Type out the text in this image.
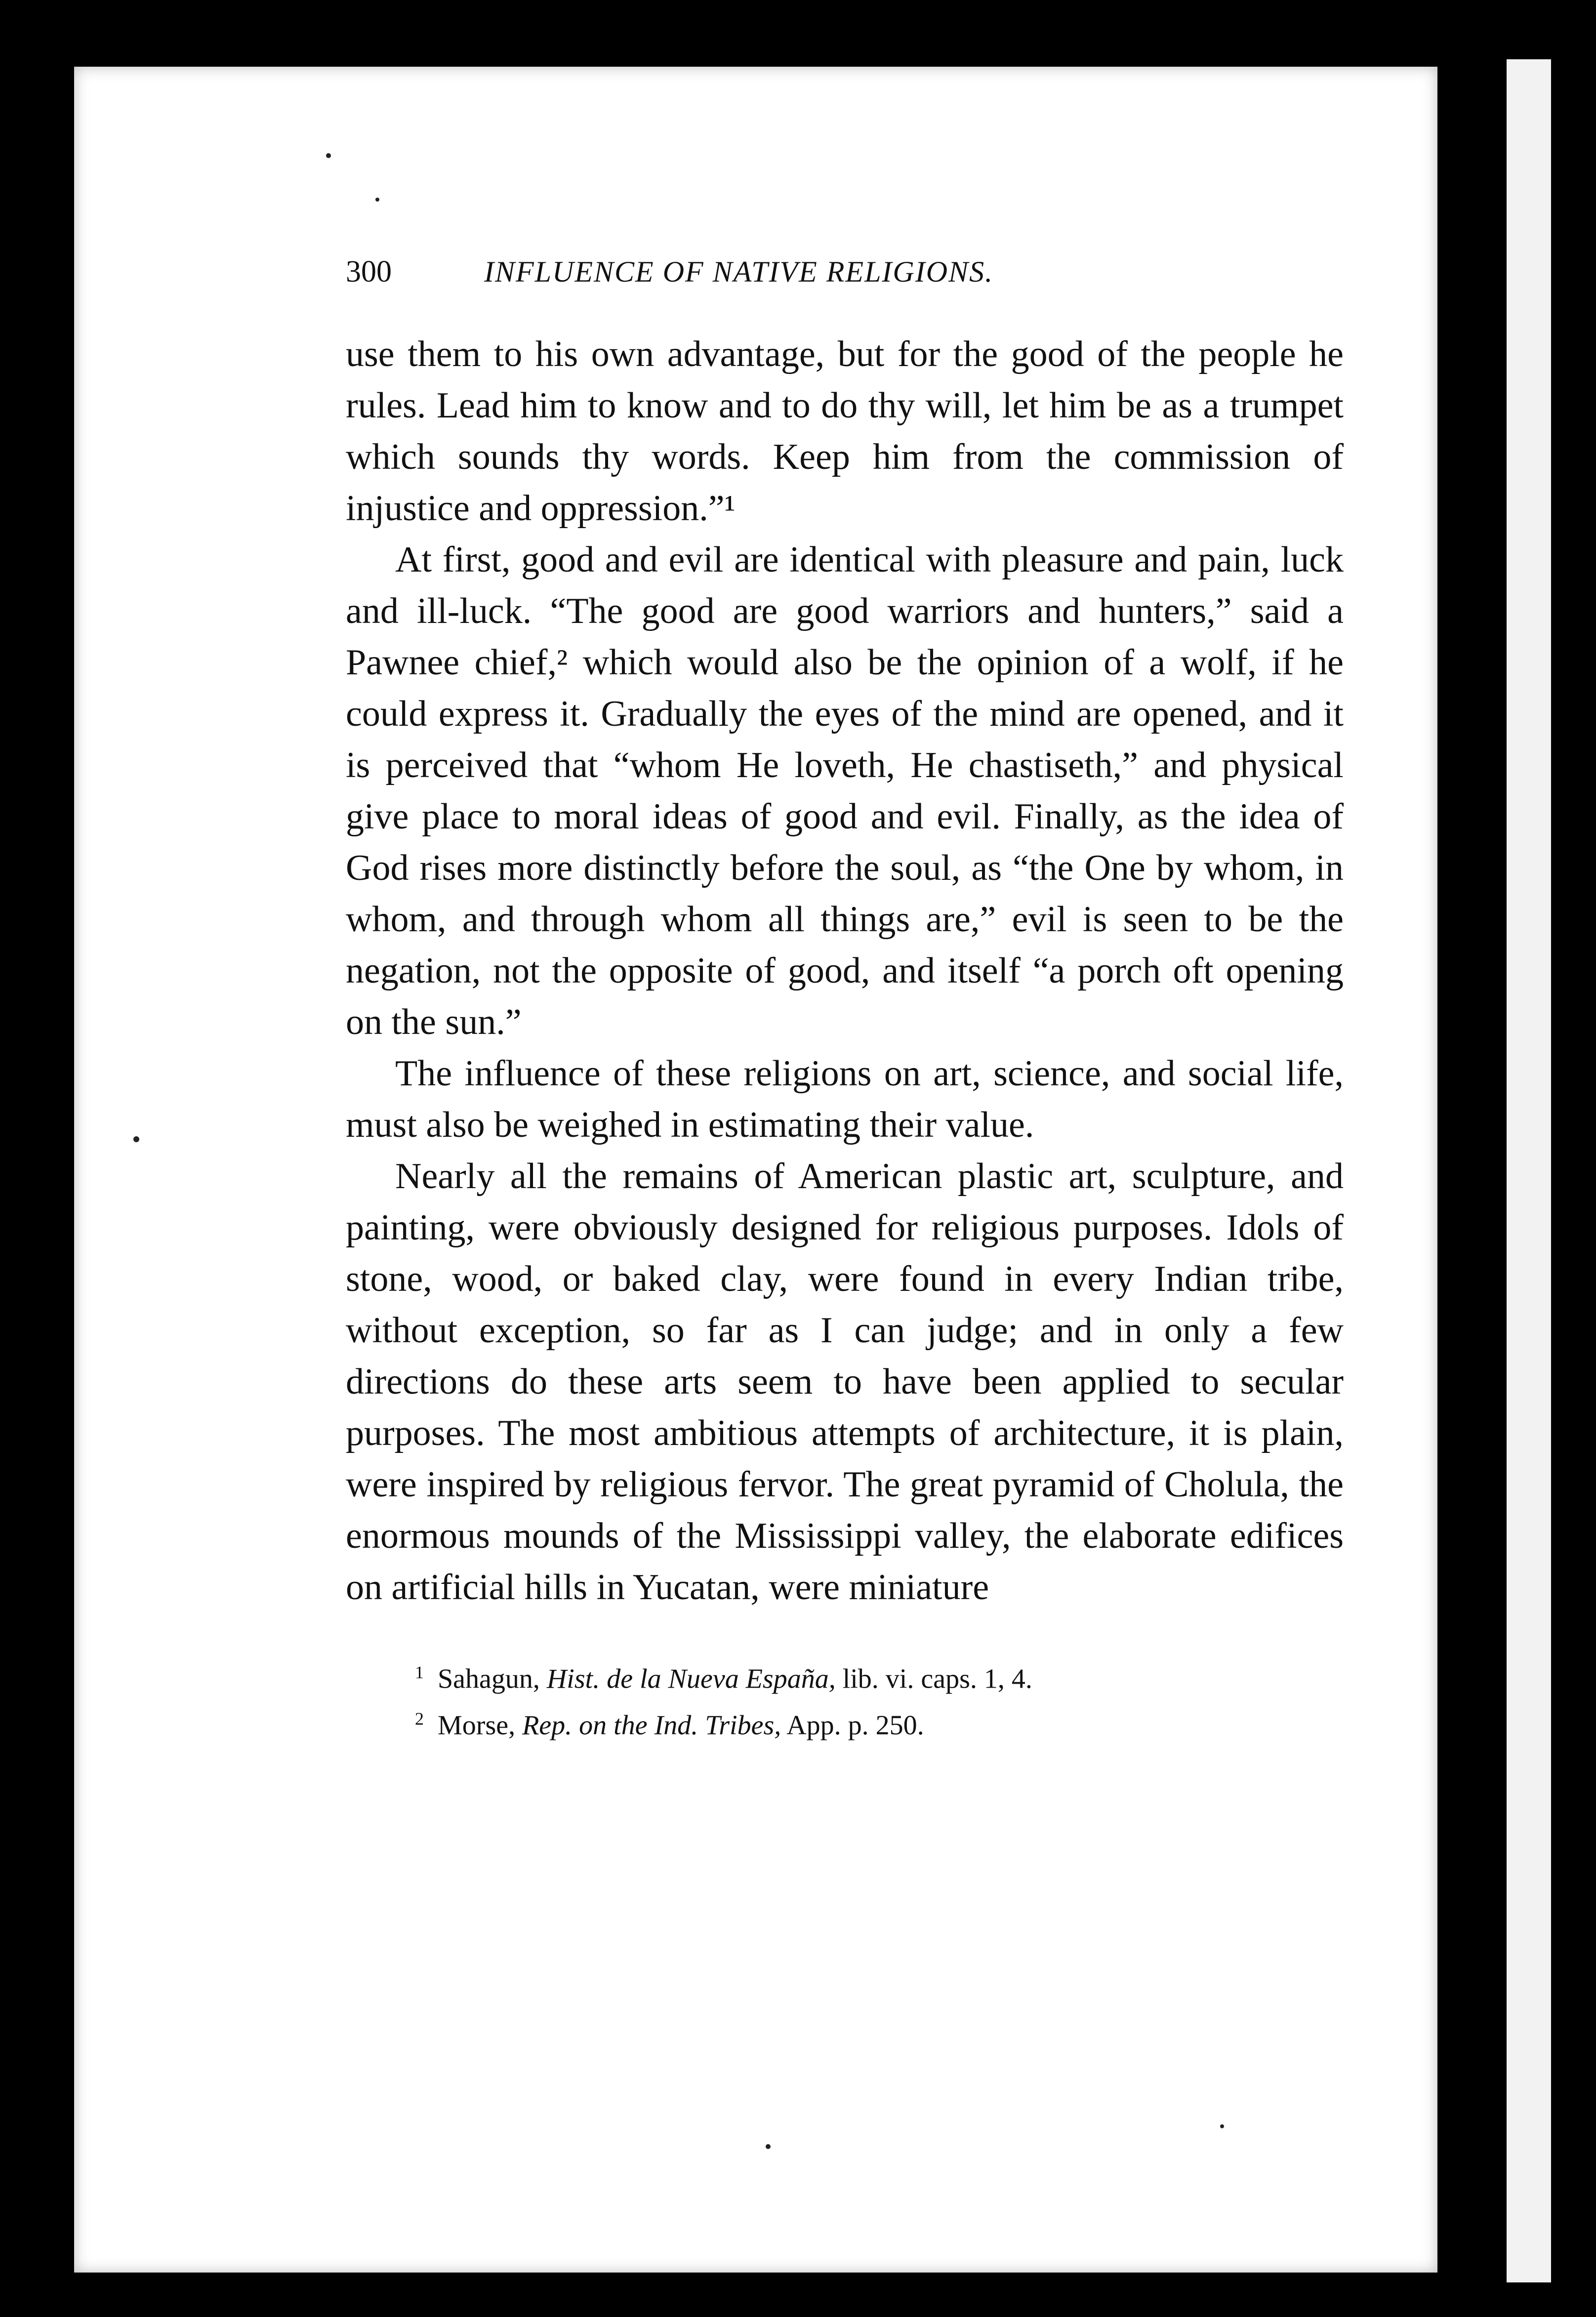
300	INFLUENCE OF NATIVE RELIGIONS.

use them to his own advantage, but for the good of the people he rules. Lead him to know and to do thy will, let him be as a trumpet which sounds thy words. Keep him from the commission of injustice and oppression.”¹

At first, good and evil are identical with pleasure and pain, luck and ill-luck. “The good are good warriors and hunters,” said a Pawnee chief,² which would also be the opinion of a wolf, if he could express it. Gradually the eyes of the mind are opened, and it is perceived that “whom He loveth, He chastiseth,” and physical give place to moral ideas of good and evil. Finally, as the idea of God rises more distinctly before the soul, as “the One by whom, in whom, and through whom all things are,” evil is seen to be the negation, not the opposite of good, and itself “a porch oft opening on the sun.”

The influence of these religions on art, science, and social life, must also be weighed in estimating their value.

Nearly all the remains of American plastic art, sculpture, and painting, were obviously designed for religious purposes. Idols of stone, wood, or baked clay, were found in every Indian tribe, without exception, so far as I can judge; and in only a few directions do these arts seem to have been applied to secular purposes. The most ambitious attempts of architecture, it is plain, were inspired by religious fervor. The great pyramid of Cholula, the enormous mounds of the Mississippi valley, the elaborate edifices on artificial hills in Yucatan, were miniature

$^1$ Sahagun, Hist. de la Nueva España, lib. vi. caps. 1, 4.
$^2$ Morse, Rep. on the Ind. Tribes, App. p. 250.
